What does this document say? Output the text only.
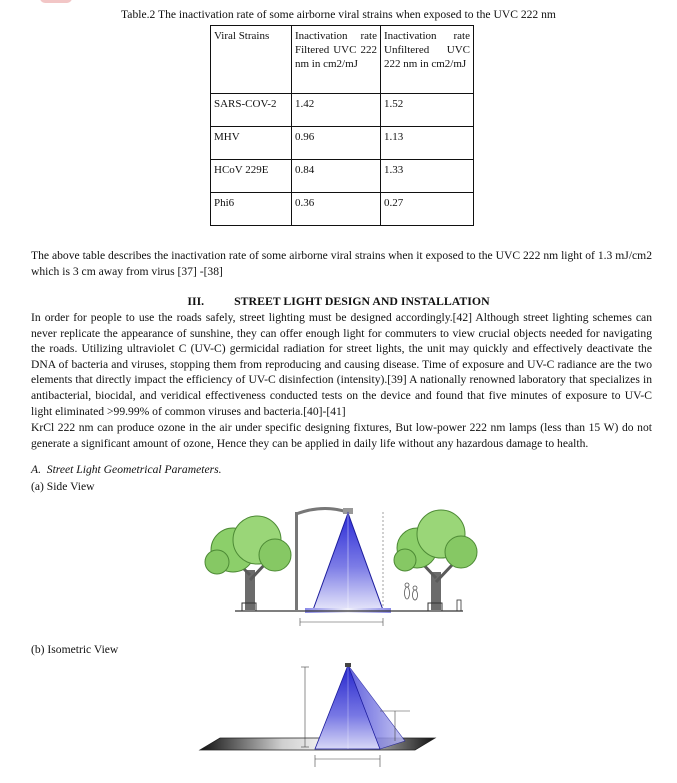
Table.2 The inactivation rate of some airborne viral strains when exposed to the UVC 222 nm
Viral Strains	Inactivation rate Filtered UVC 222 nm in cm2/mJ	Inactivation rate Unfiltered UVC 222 nm in cm2/mJ
SARS-COV-2	1.42	1.52
MHV	0.96	1.13
HCoV 229E	0.84	1.33
Phi6	0.36	0.27
The above table describes the inactivation rate of some airborne viral strains when it exposed to the UVC 222 nm light of 1.3 mJ/cm2 which is 3 cm away from virus [37] -[38]
III.	STREET LIGHT DESIGN AND INSTALLATION
In order for people to use the roads safely, street lighting must be designed accordingly.[42] Although street lighting schemes can never replicate the appearance of sunshine, they can offer enough light for commuters to view crucial objects needed for navigating the roads. Utilizing ultraviolet C (UV-C) germicidal radiation for street lights, the unit may quickly and effectively deactivate the DNA of bacteria and viruses, stopping them from reproducing and causing disease. Time of exposure and UV-C radiance are the two elements that directly impact the efficiency of UV-C disinfection (intensity).[39] A nationally renowned laboratory that specializes in antibacterial, biocidal, and veridical effectiveness conducted tests on the device and found that five minutes of exposure to UV-C light eliminated >99.99% of common viruses and bacteria.[40]-[41]
KrCl 222 nm can produce ozone in the air under specific designing fixtures, But low-power 222 nm lamps (less than 15 W) do not generate a significant amount of ozone, Hence they can be applied in daily life without any hazardous damage to health.
A. Street Light Geometrical Parameters.
(a) Side View
(b) Isometric View
